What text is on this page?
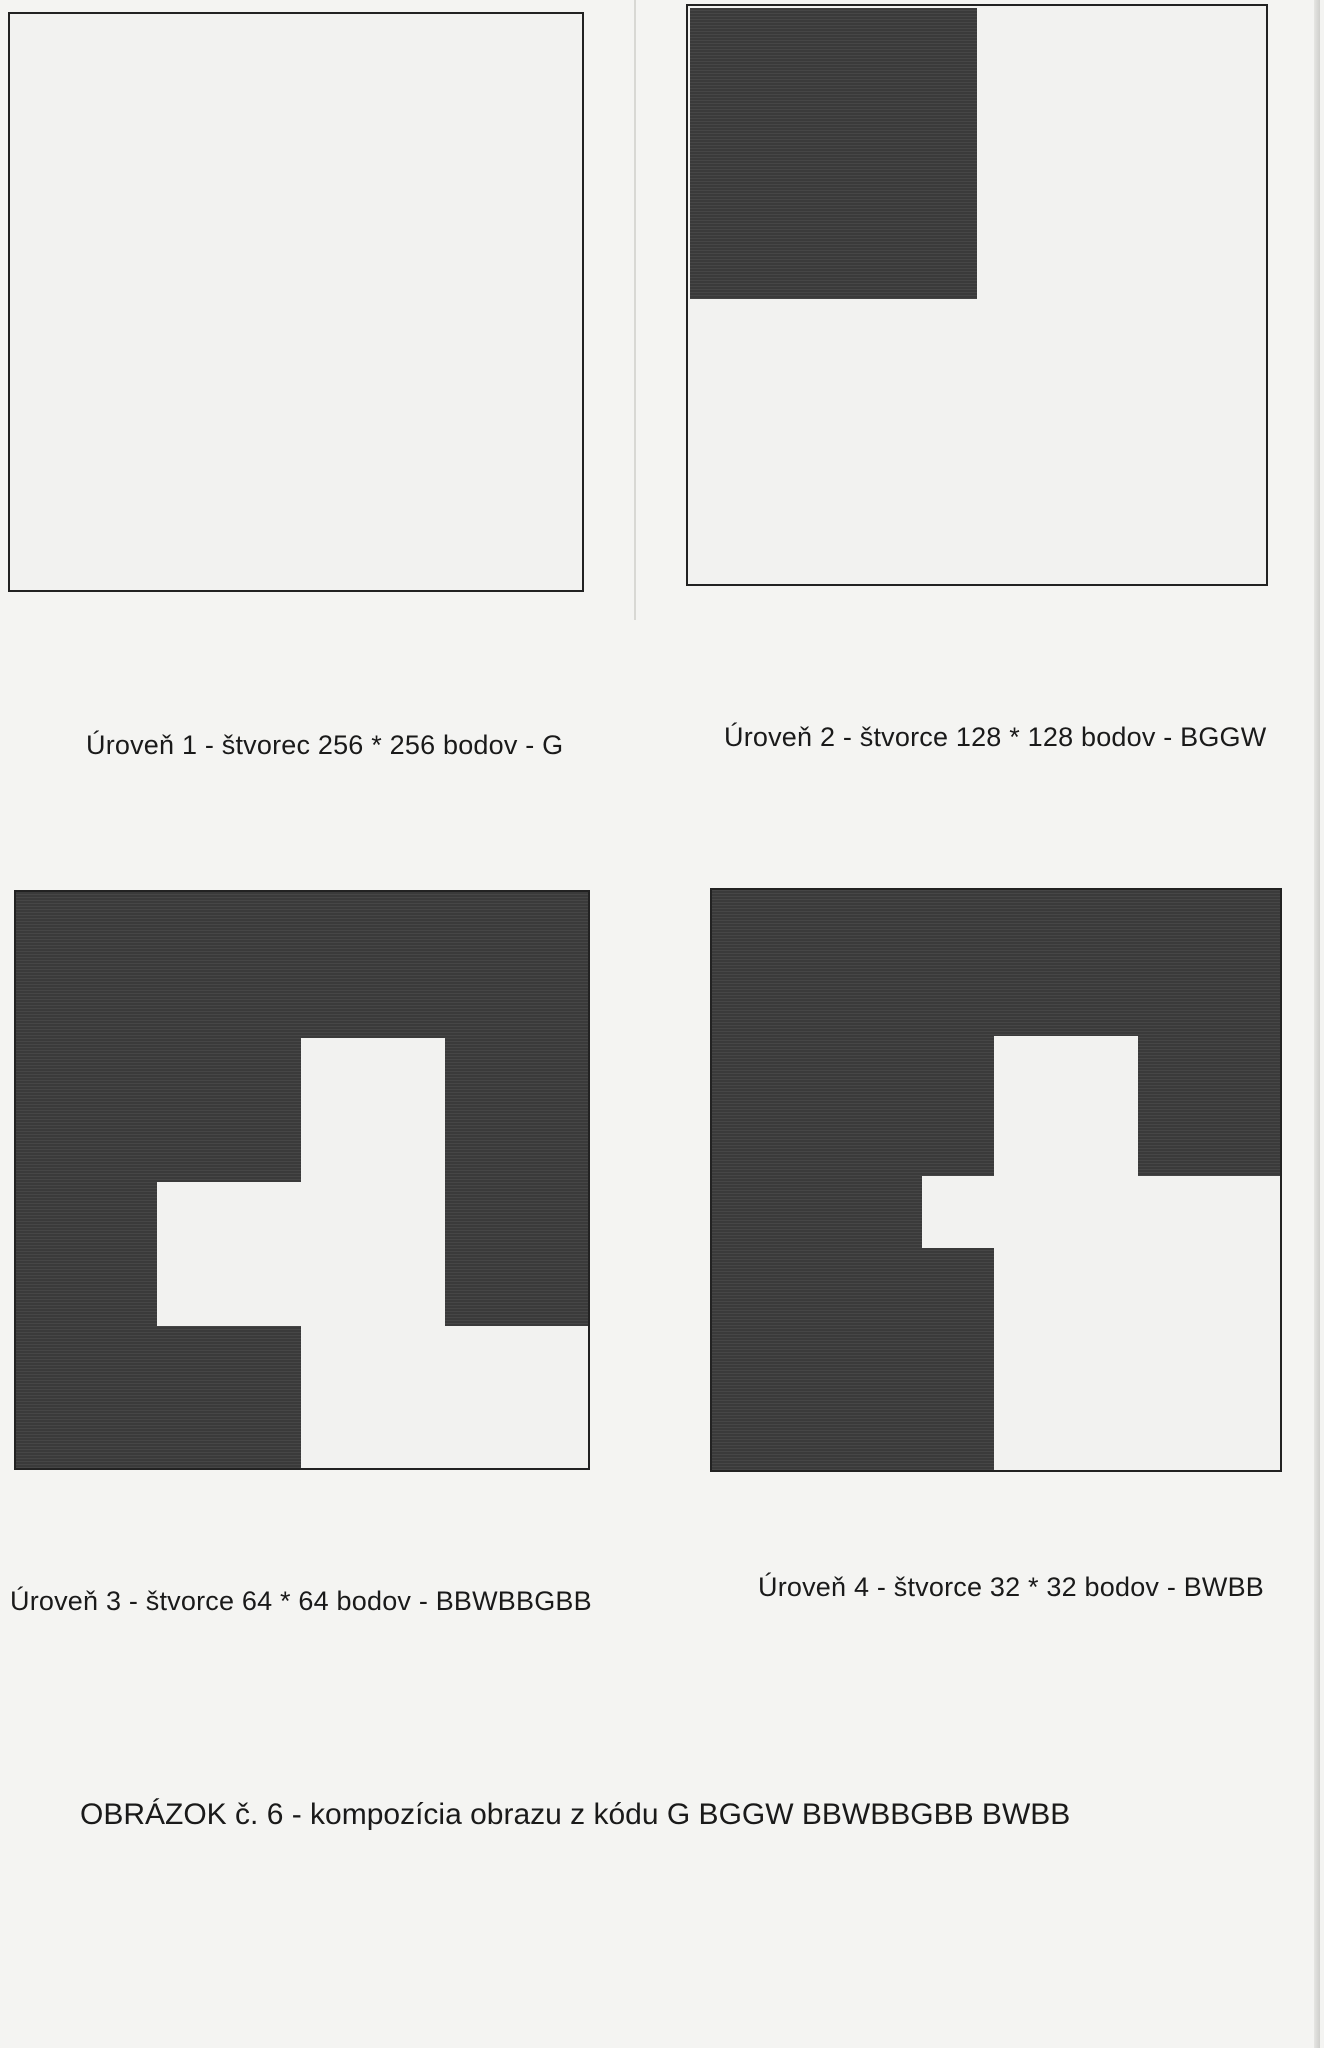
Úroveň 1 - štvorec 256 * 256 bodov - G	Úroveň 2 - štvorce 128 * 128 bodov - BGGW
Úroveň 3 - štvorce 64 * 64 bodov - BBWBBGBB	Úroveň 4 - štvorce 32 * 32 bodov - BWBB
OBRÁZOK č. 6 - kompozícia obrazu z kódu G BGGW BBWBBGBB BWBB
